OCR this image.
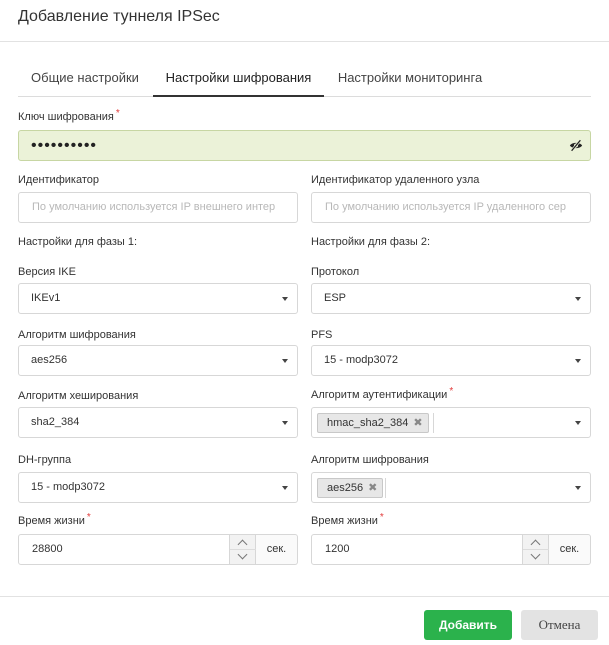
Добавление туннеля IPSec
Общие настройки	Настройки шифрования	Настройки мониторинга
Ключ шифрования *
••••••••••
Идентификатор
По умолчанию используется IP внешнего интер
Идентификатор удаленного узла
По умолчанию используется IP удаленного сер
Настройки для фазы 1:	Настройки для фазы 2:
Версия IKE
IKEv1
Протокол
ESP
Алгоритм шифрования
aes256
PFS
15 - modp3072
Алгоритм хеширования
sha2_384
Алгоритм аутентификации *
hmac_sha2_384 ✖
DH-группа
15 - modp3072
Алгоритм шифрования
aes256 ✖
Время жизни *
28800	сек.
Время жизни *
1200	сек.
Добавить	Отмена
